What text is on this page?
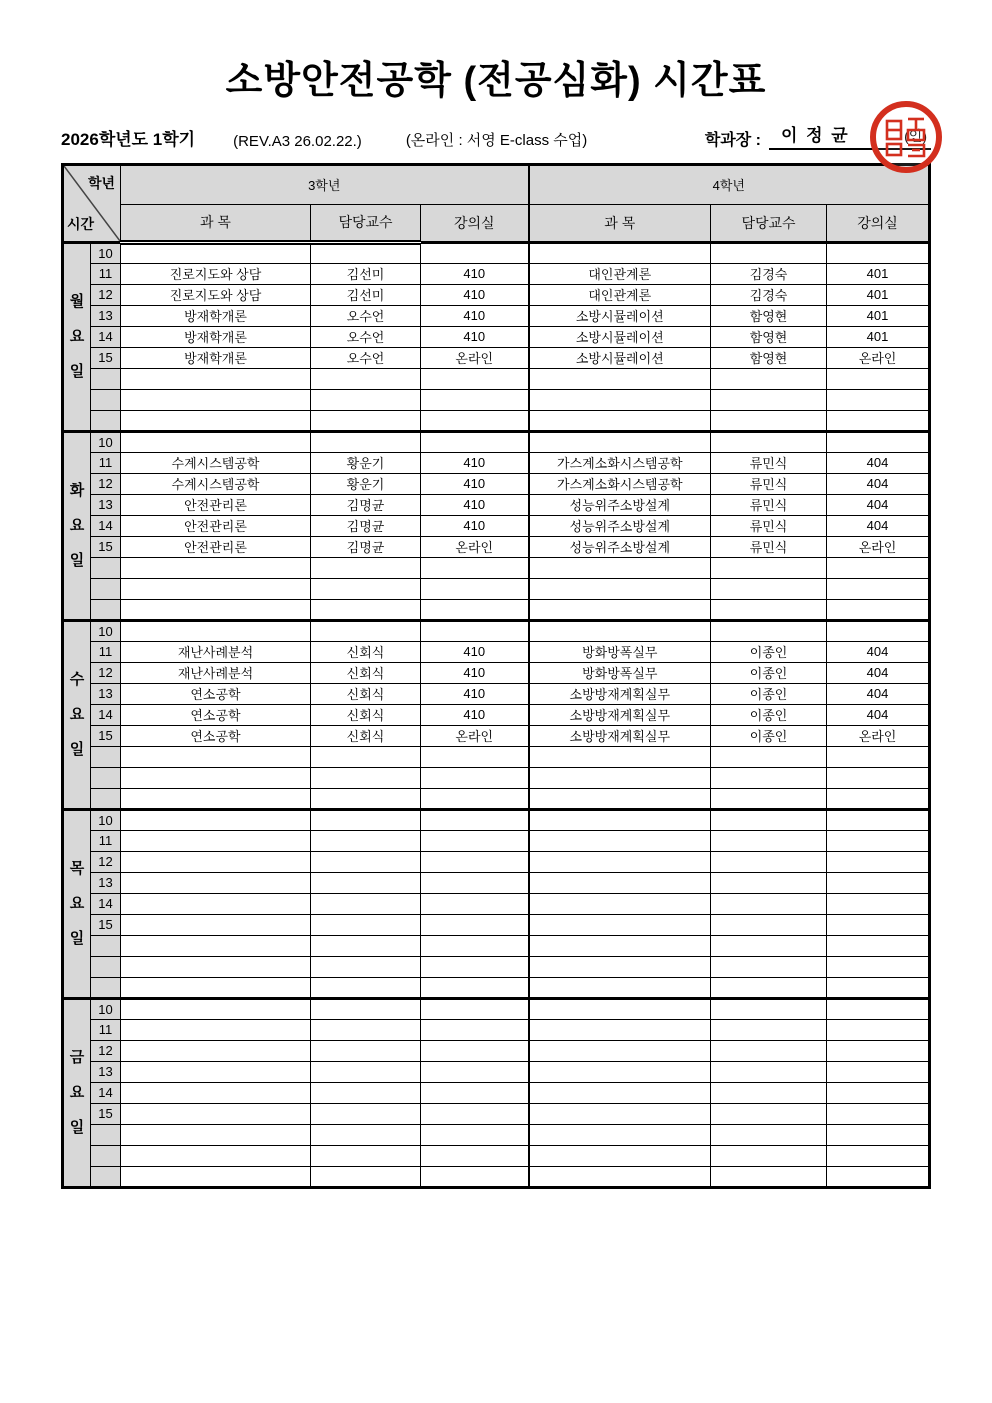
소방안전공학 (전공심화) 시간표
2026학년도 1학기	(REV.A3 26.02.22.)	(온라인 : 서영 E-class 수업)	학과장 : 이 정 균	(인)
학년
시간		3학년			4학년		
		과 목	담당교수	강의실	과 목	담당교수	강의실

월
요
일	10						
	11	진로지도와 상담	김선미	410	대인관계론	김경숙	401
	12	진로지도와 상담	김선미	410	대인관계론	김경숙	401
	13	방재학개론	오수언	410	소방시뮬레이션	함영현	401
	14	방재학개론	오수언	410	소방시뮬레이션	함영현	401
	15	방재학개론	오수언	온라인	소방시뮬레이션	함영현	온라인

화
요
일	10						
	11	수계시스템공학	황운기	410	가스계소화시스템공학	류민식	404
	12	수계시스템공학	황운기	410	가스계소화시스템공학	류민식	404
	13	안전관리론	김명균	410	성능위주소방설계	류민식	404
	14	안전관리론	김명균	410	성능위주소방설계	류민식	404
	15	안전관리론	김명균	온라인	성능위주소방설계	류민식	온라인

수
요
일	10						
	11	재난사례분석	신회식	410	방화방폭실무	이종인	404
	12	재난사례분석	신회식	410	방화방폭실무	이종인	404
	13	연소공학	신회식	410	소방방재계획실무	이종인	404
	14	연소공학	신회식	410	소방방재계획실무	이종인	404
	15	연소공학	신회식	온라인	소방방재계획실무	이종인	온라인

목
요
일	10						
	11						
	12						
	13						
	14						
	15						

금
요
일	10						
	11						
	12						
	13						
	14						
	15						
